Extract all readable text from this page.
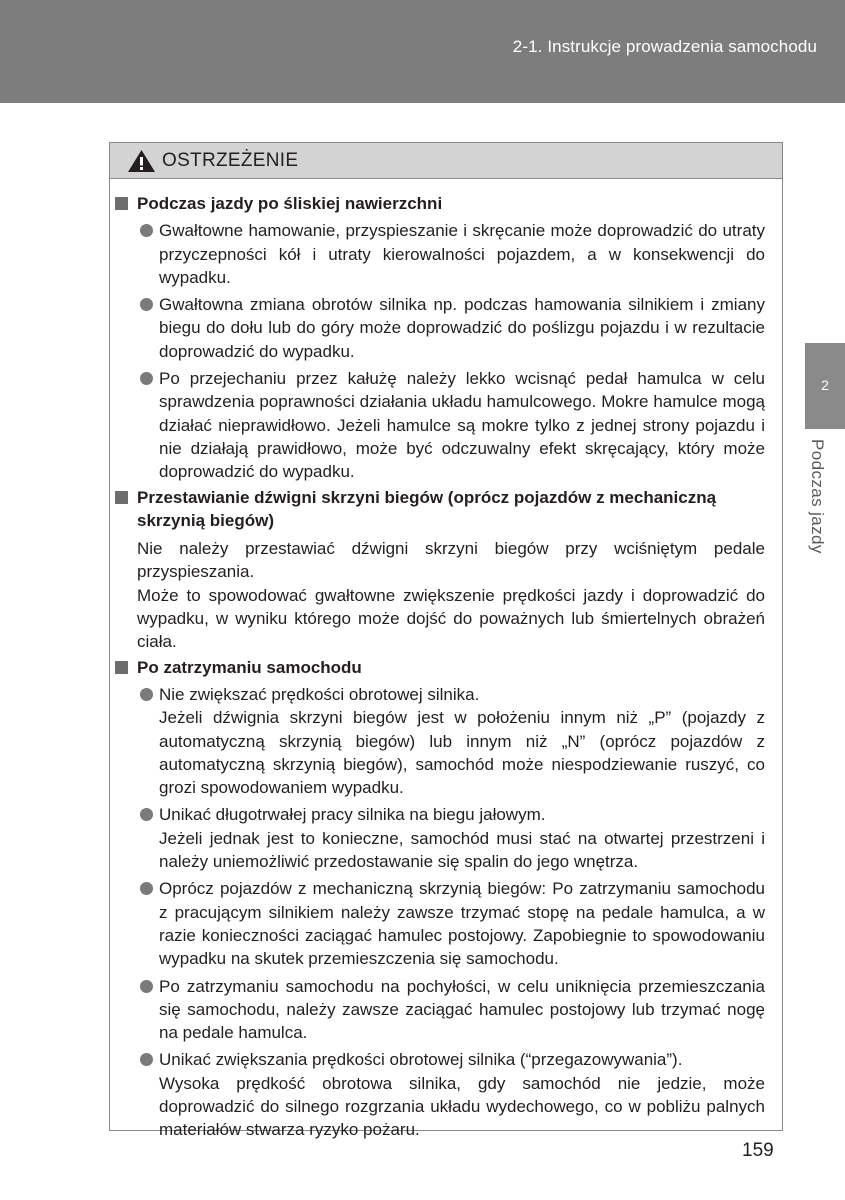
2-1. Instrukcje prowadzenia samochodu
2
Podczas jazdy
OSTRZEŻENIE
Podczas jazdy po śliskiej nawierzchni
Gwałtowne hamowanie, przyspieszanie i skręcanie może doprowadzić do utraty przyczepności kół i utraty kierowalności pojazdem, a w konsekwencji do wypadku.
Gwałtowna zmiana obrotów silnika np. podczas hamowania silnikiem i zmiany biegu do dołu lub do góry może doprowadzić do poślizgu pojazdu i w rezultacie doprowadzić do wypadku.
Po przejechaniu przez kałużę należy lekko wcisnąć pedał hamulca w celu sprawdzenia poprawności działania układu hamulcowego. Mokre hamulce mogą działać nieprawidłowo. Jeżeli hamulce są mokre tylko z jednej strony pojazdu i nie działają prawidłowo, może być odczuwalny efekt skręcający, który może doprowadzić do wypadku.
Przestawianie dźwigni skrzyni biegów (oprócz pojazdów z mechaniczną skrzynią biegów)
Nie należy przestawiać dźwigni skrzyni biegów przy wciśniętym pedale przyspieszania.
Może to spowodować gwałtowne zwiększenie prędkości jazdy i doprowadzić do wypadku, w wyniku którego może dojść do poważnych lub śmiertelnych obrażeń ciała.
Po zatrzymaniu samochodu
Nie zwiększać prędkości obrotowej silnika.
Jeżeli dźwignia skrzyni biegów jest w położeniu innym niż „P” (pojazdy z automatyczną skrzynią biegów) lub innym niż „N” (oprócz pojazdów z automatyczną skrzynią biegów), samochód może niespodziewanie ruszyć, co grozi spowodowaniem wypadku.
Unikać długotrwałej pracy silnika na biegu jałowym.
Jeżeli jednak jest to konieczne, samochód musi stać na otwartej przestrzeni i należy uniemożliwić przedostawanie się spalin do jego wnętrza.
Oprócz pojazdów z mechaniczną skrzynią biegów: Po zatrzymaniu samochodu z pracującym silnikiem należy zawsze trzymać stopę na pedale hamulca, a w razie konieczności zaciągać hamulec postojowy. Zapobiegnie to spowodowaniu wypadku na skutek przemieszczenia się samochodu.
Po zatrzymaniu samochodu na pochyłości, w celu uniknięcia przemieszczania się samochodu, należy zawsze zaciągać hamulec postojowy lub trzymać nogę na pedale hamulca.
Unikać zwiększania prędkości obrotowej silnika (“przegazowywania”).
Wysoka prędkość obrotowa silnika, gdy samochód nie jedzie, może doprowadzić do silnego rozgrzania układu wydechowego, co w pobliżu palnych materiałów stwarza ryzyko pożaru.
159
